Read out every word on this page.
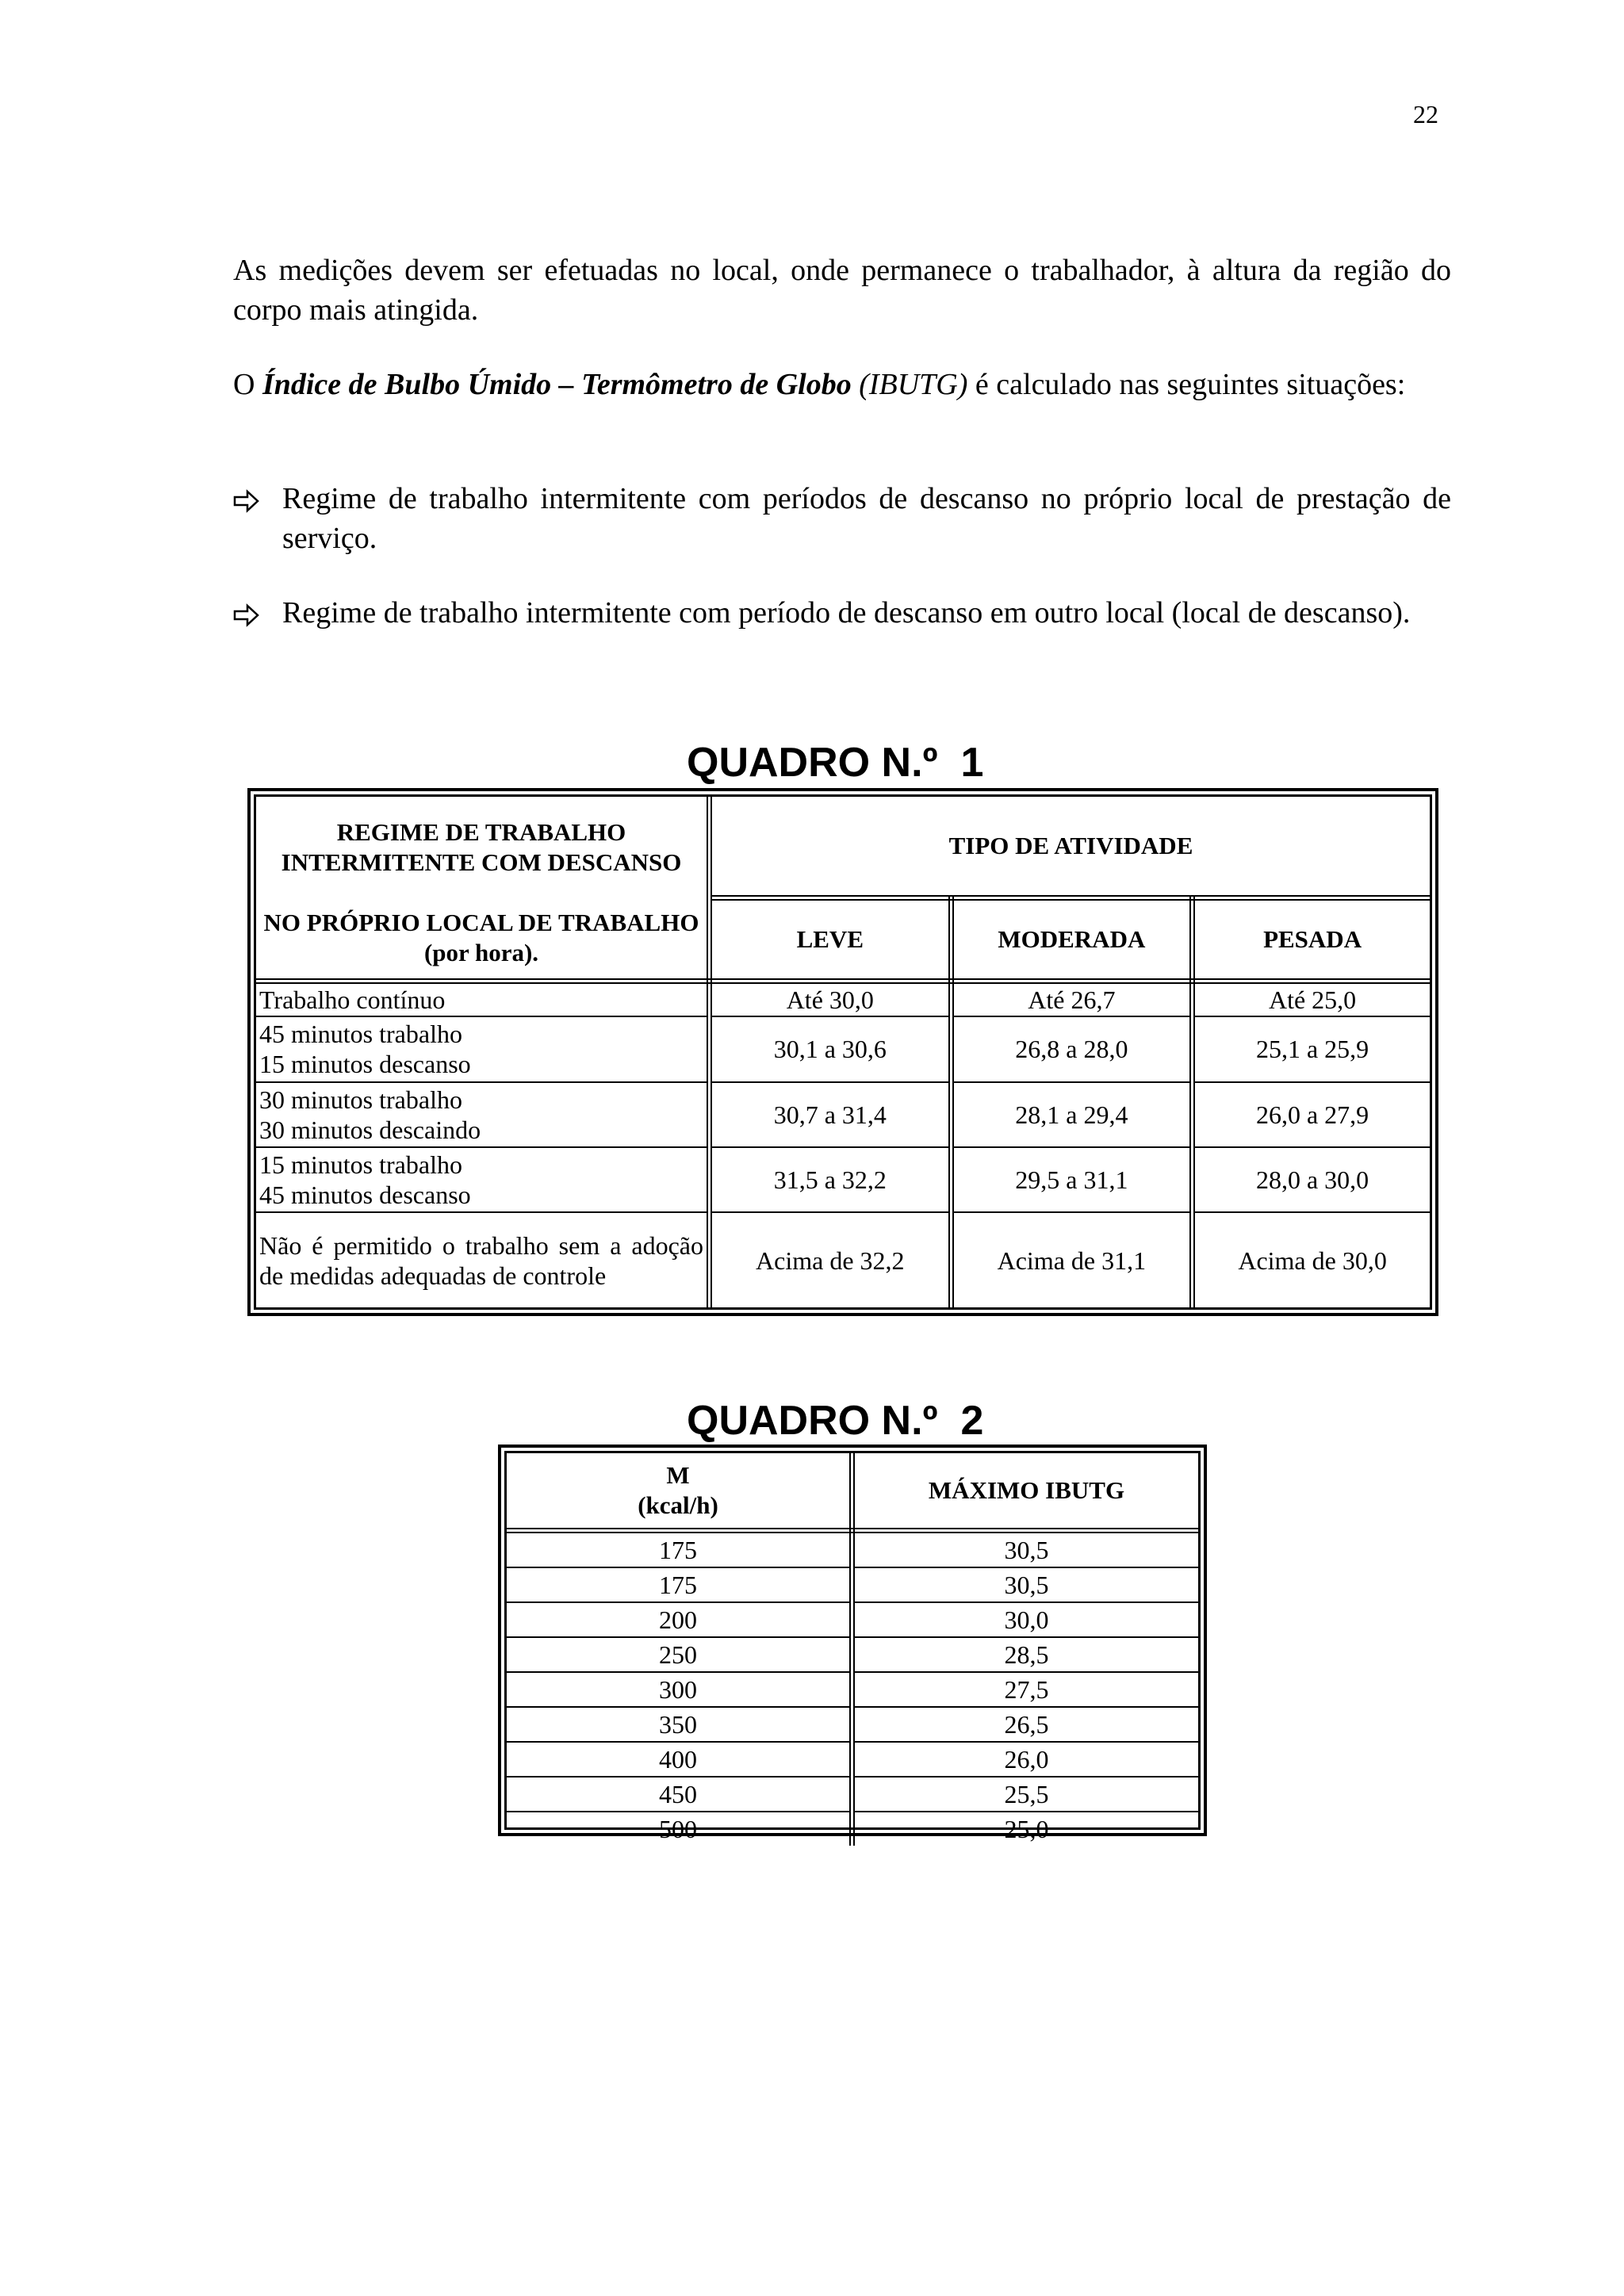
22
As medições devem ser efetuadas no local, onde permanece o trabalhador, à altura da região do corpo mais atingida.
O Índice de Bulbo Úmido – Termômetro de Globo (IBUTG) é calculado nas seguintes situações:
Regime de trabalho intermitente com períodos de descanso no próprio local de prestação de serviço.
Regime de trabalho intermitente com período de descanso em outro local (local de descanso).
QUADRO N.º  1
REGIME DE TRABALHO INTERMITENTE COM DESCANSO	TIPO DE ATIVIDADE		
NO PRÓPRIO LOCAL DE TRABALHO (por hora).	LEVE	MODERADA	PESADA
Trabalho contínuo	Até 30,0	Até 26,7	Até 25,0

45 minutos trabalho
15 minutos descanso	30,1 a 30,6	26,8 a 28,0	25,1 a 25,9

30 minutos trabalho
30 minutos descaindo	30,7 a 31,4	28,1 a 29,4	26,0 a 27,9

15 minutos trabalho
45 minutos descanso	31,5 a 32,2	29,5 a 31,1	28,0 a 30,0
Não é permitido o trabalho sem a adoção de medidas adequadas de controle	Acima de 32,2	Acima de 31,1	Acima de 30,0
QUADRO N.º  2
M
(kcal/h)	MÁXIMO IBUTG
175	30,5
175	30,5
200	30,0
250	28,5
300	27,5
350	26,5
400	26,0
450	25,5
500	25,0
